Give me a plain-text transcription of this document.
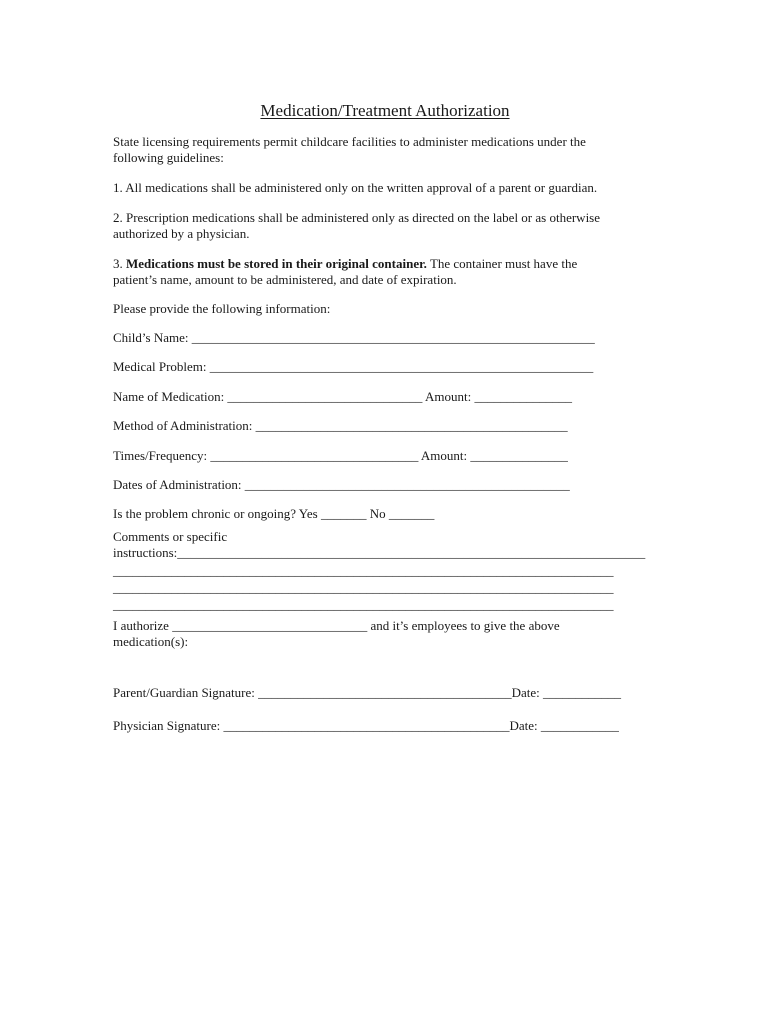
Medication/Treatment Authorization
State licensing requirements permit childcare facilities to administer medications under the following guidelines:
1. All medications shall be administered only on the written approval of a parent or guardian.
2. Prescription medications shall be administered only as directed on the label or as otherwise authorized by a physician.
3. Medications must be stored in their original container. The container must have the patient’s name, amount to be administered, and date of expiration.
Please provide the following information:
Child’s Name: ______________________________________________________________
Medical Problem: ___________________________________________________________
Name of Medication: ______________________________ Amount: _______________
Method of Administration: ________________________________________________
Times/Frequency: ________________________________ Amount: _______________
Dates of Administration: __________________________________________________
Is the problem chronic or ongoing? Yes _______ No _______
Comments or specific
instructions:________________________________________________________________________
_____________________________________________________________________________
_____________________________________________________________________________
_____________________________________________________________________________
I authorize ______________________________ and it’s employees to give the above medication(s):
Parent/Guardian Signature: _______________________________________Date: ____________
Physician Signature: ____________________________________________Date: ____________
